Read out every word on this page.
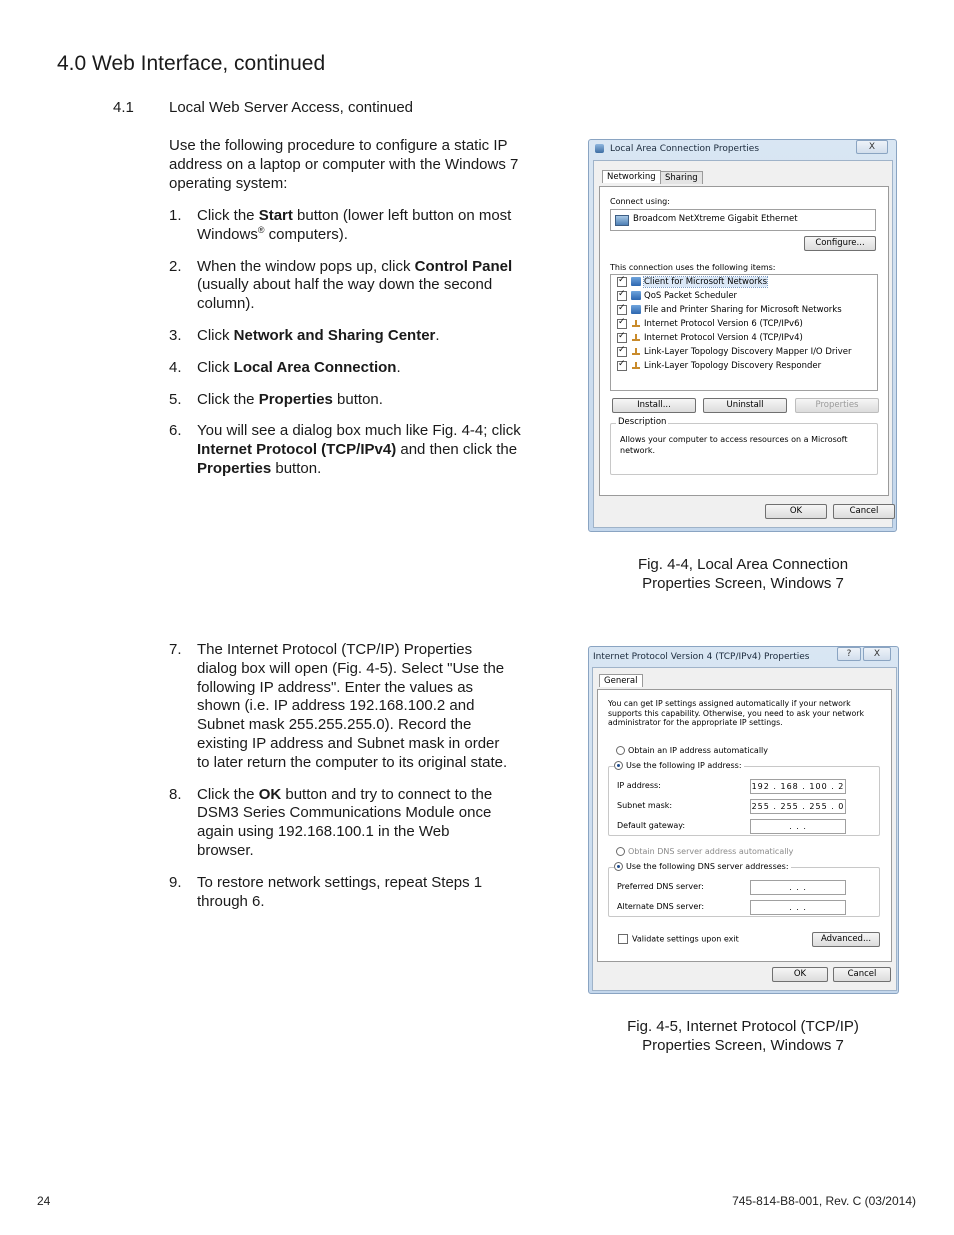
4.0 Web Interface, continued
4.1 Local Web Server Access, continued
Use the following procedure to configure a static IP address on a laptop or computer with the Windows 7 operating system:
1. Click the Start button (lower left button on most Windows® computers).
2. When the window pops up, click Control Panel (usually about half the way down the second column).
3. Click Network and Sharing Center.
4. Click Local Area Connection.
5. Click the Properties button.
6. You will see a dialog box much like Fig. 4-4; click Internet Protocol (TCP/IPv4) and then click the Properties button.
7. The Internet Protocol (TCP/IP) Properties dialog box will open (Fig. 4-5). Select "Use the following IP address". Enter the values as shown (i.e. IP address 192.168.100.2 and Subnet mask 255.255.255.0). Record the existing IP address and Subnet mask in order to later return the computer to its original state.
8. Click the OK button and try to connect to the DSM3 Series Communications Module once again using 192.168.100.1 in the Web browser.
9. To restore network settings, repeat Steps 1 through 6.
Local Area Connection Properties	X
Networking	Sharing
Connect using:
Broadcom NetXtreme Gigabit Ethernet
Configure...
This connection uses the following items:
✓Client for Microsoft Networks
✓QoS Packet Scheduler
✓File and Printer Sharing for Microsoft Networks
✓Internet Protocol Version 6 (TCP/IPv6)
✓Internet Protocol Version 4 (TCP/IPv4)
✓Link-Layer Topology Discovery Mapper I/O Driver
✓Link-Layer Topology Discovery Responder
Install...	Uninstall	Properties
Description
Allows your computer to access resources on a Microsoft network.
OK	Cancel
Fig. 4-4, Local Area Connection
Properties Screen, Windows 7
Internet Protocol Version 4 (TCP/IPv4) Properties	?	X
General
You can get IP settings assigned automatically if your network supports this capability. Otherwise, you need to ask your network administrator for the appropriate IP settings.
Obtain an IP address automatically
Use the following IP address:
IP address:	192 . 168 . 100 . 2
Subnet mask:	255 . 255 . 255 . 0
Default gateway:	. . .
Obtain DNS server address automatically
Use the following DNS server addresses:
Preferred DNS server:	. . .
Alternate DNS server:	. . .
Validate settings upon exit	Advanced...
OK	Cancel
Fig. 4-5, Internet Protocol (TCP/IP)
Properties Screen, Windows 7
24	745-814-B8-001, Rev. C (03/2014)
